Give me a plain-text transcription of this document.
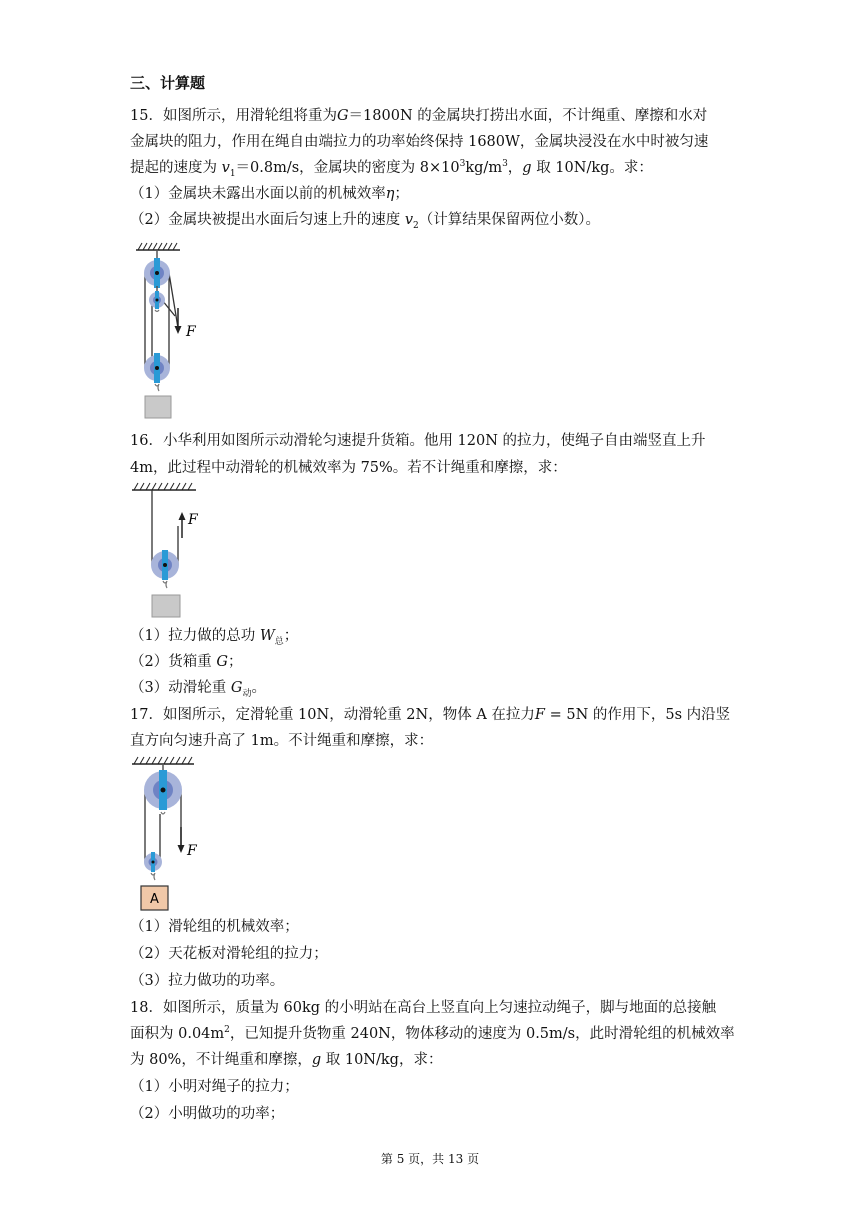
三、计算题
15．如图所示，用滑轮组将重为G＝1800N 的金属块打捞出水面，不计绳重、摩擦和水对
金属块的阻力，作用在绳自由端拉力的功率始终保持 1680W，金属块浸没在水中时被匀速
提起的速度为 $v_1=0.8m/s$，金属块的密度为 $8\times 10^3kg/m^3$，g 取 10N/kg。求：
（1）金属块未露出水面以前的机械效率η；
（2）金属块被提出水面后匀速上升的速度 $v_2$（计算结果保留两位小数）。
F
16．小华利用如图所示动滑轮匀速提升货箱。他用 120N 的拉力，使绳子自由端竖直上升
4m，此过程中动滑轮的机械效率为 75%。若不计绳重和摩擦，求：
F
（1）拉力做的总功 $W_总$；
（2）货箱重 G；
（3）动滑轮重 $G_动$。
17．如图所示，定滑轮重 10N，动滑轮重 2N，物体 A 在拉力F = 5N 的作用下，5s 内沿竖
直方向匀速升高了 1m。不计绳重和摩擦，求：
F
A
（1）滑轮组的机械效率；
（2）天花板对滑轮组的拉力；
（3）拉力做功的功率。
18．如图所示，质量为 60kg 的小明站在高台上竖直向上匀速拉动绳子，脚与地面的总接触
面积为 $0.04m^2$，已知提升货物重 240N，物体移动的速度为 0.5m/s，此时滑轮组的机械效率
为 80%，不计绳重和摩擦，g 取 10N/kg，求：
（1）小明对绳子的拉力；
（2）小明做功的功率；
第 5 页，共 13 页
